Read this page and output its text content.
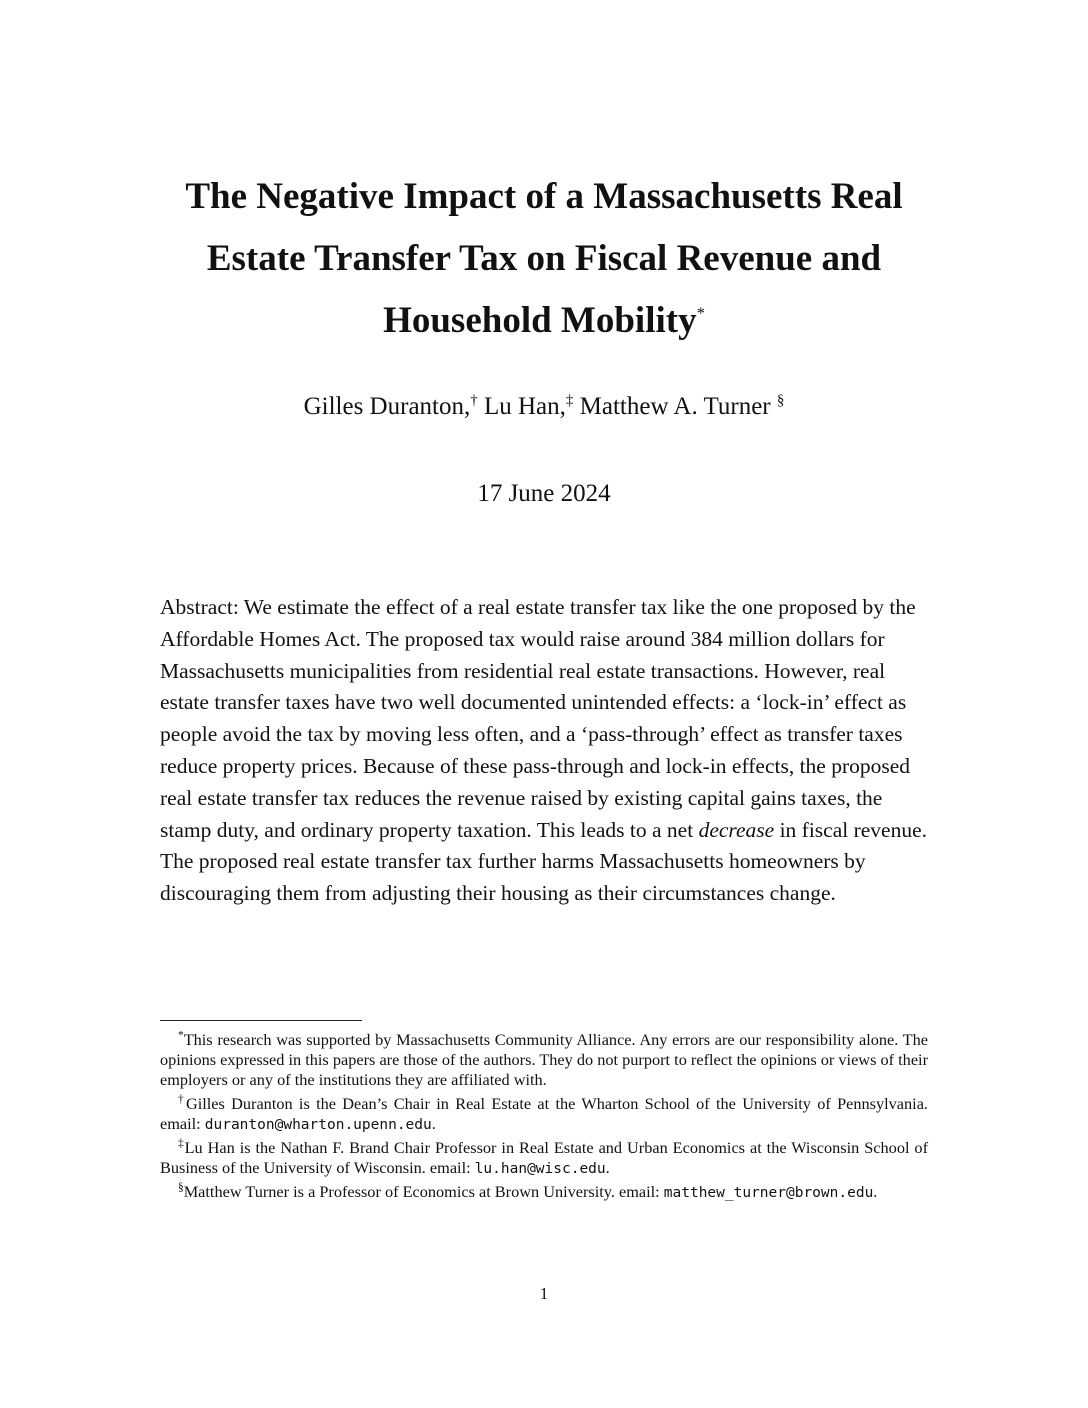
The Negative Impact of a Massachusetts Real
Estate Transfer Tax on Fiscal Revenue and
Household Mobility*
Gilles Duranton,† Lu Han,‡ Matthew A. Turner §
17 June 2024

Abstract: We estimate the effect of a real estate transfer tax like the one proposed by the Affordable Homes Act. The proposed tax would raise around 384 million dollars for Massachusetts municipalities from residential real estate transactions. However, real estate transfer taxes have two well documented unintended effects: a ‘lock-in’ effect as people avoid the tax by moving less often, and a ‘pass-through’ effect as transfer taxes reduce property prices. Because of these pass-through and lock-in effects, the proposed real estate transfer tax reduces the revenue raised by existing capital gains taxes, the stamp duty, and ordinary property taxation. This leads to a net decrease in fiscal revenue. The proposed real estate transfer tax further harms Massachusetts homeowners by discouraging them from adjusting their housing as their circumstances change.

*This research was supported by Massachusetts Community Alliance. Any errors are our responsibility alone. The opinions expressed in this papers are those of the authors. They do not purport to reflect the opinions or views of their employers or any of the institutions they are affiliated with.

†Gilles Duranton is the Dean’s Chair in Real Estate at the Wharton School of the University of Pennsylvania. email: duranton@wharton.upenn.edu.

‡Lu Han is the Nathan F. Brand Chair Professor in Real Estate and Urban Economics at the Wisconsin School of Business of the University of Wisconsin. email: lu.han@wisc.edu.

§Matthew Turner is a Professor of Economics at Brown University. email: matthew_turner@brown.edu.

1
